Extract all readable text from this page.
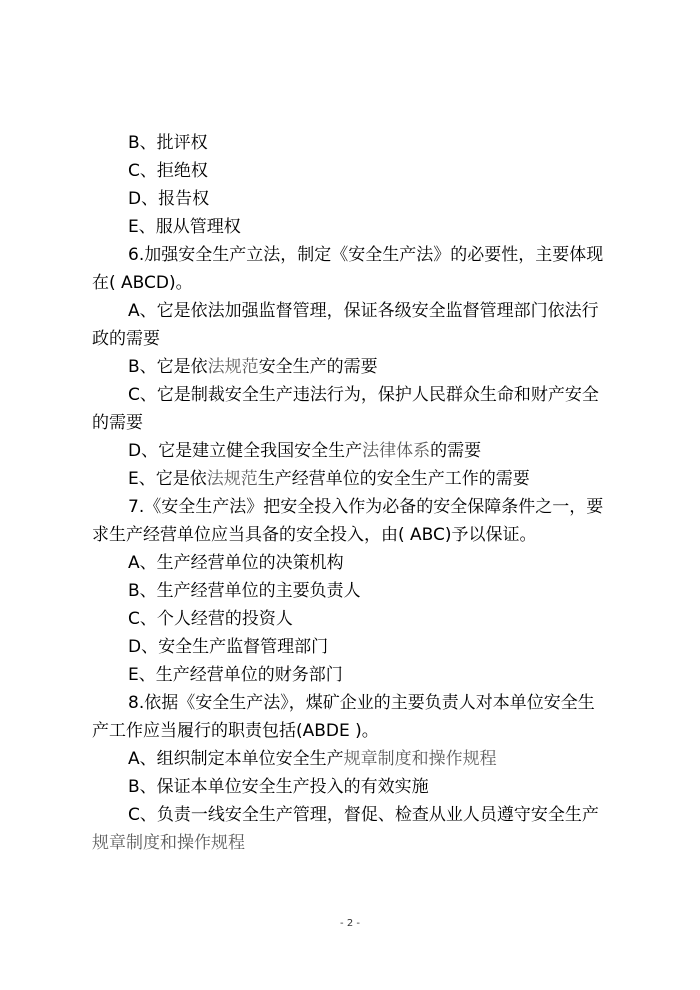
B、批评权
C、拒绝权
D、报告权
E、服从管理权
6.加强安全生产立法，制定《安全生产法》的必要性，主要体现
在( ABCD)。
A、它是依法加强监督管理，保证各级安全监督管理部门依法行
政的需要
B、它是依法规范安全生产的需要
C、它是制裁安全生产违法行为，保护人民群众生命和财产安全
的需要
D、它是建立健全我国安全生产法律体系的需要
E、它是依法规范生产经营单位的安全生产工作的需要
7.《安全生产法》把安全投入作为必备的安全保障条件之一，要
求生产经营单位应当具备的安全投入，由( ABC)予以保证。
A、生产经营单位的决策机构
B、生产经营单位的主要负责人
C、个人经营的投资人
D、安全生产监督管理部门
E、生产经营单位的财务部门
8.依据《安全生产法》，煤矿企业的主要负责人对本单位安全生
产工作应当履行的职责包括(ABDE )。
A、组织制定本单位安全生产规章制度和操作规程
B、保证本单位安全生产投入的有效实施
C、负责一线安全生产管理，督促、检查从业人员遵守安全生产
规章制度和操作规程
- 2 -
